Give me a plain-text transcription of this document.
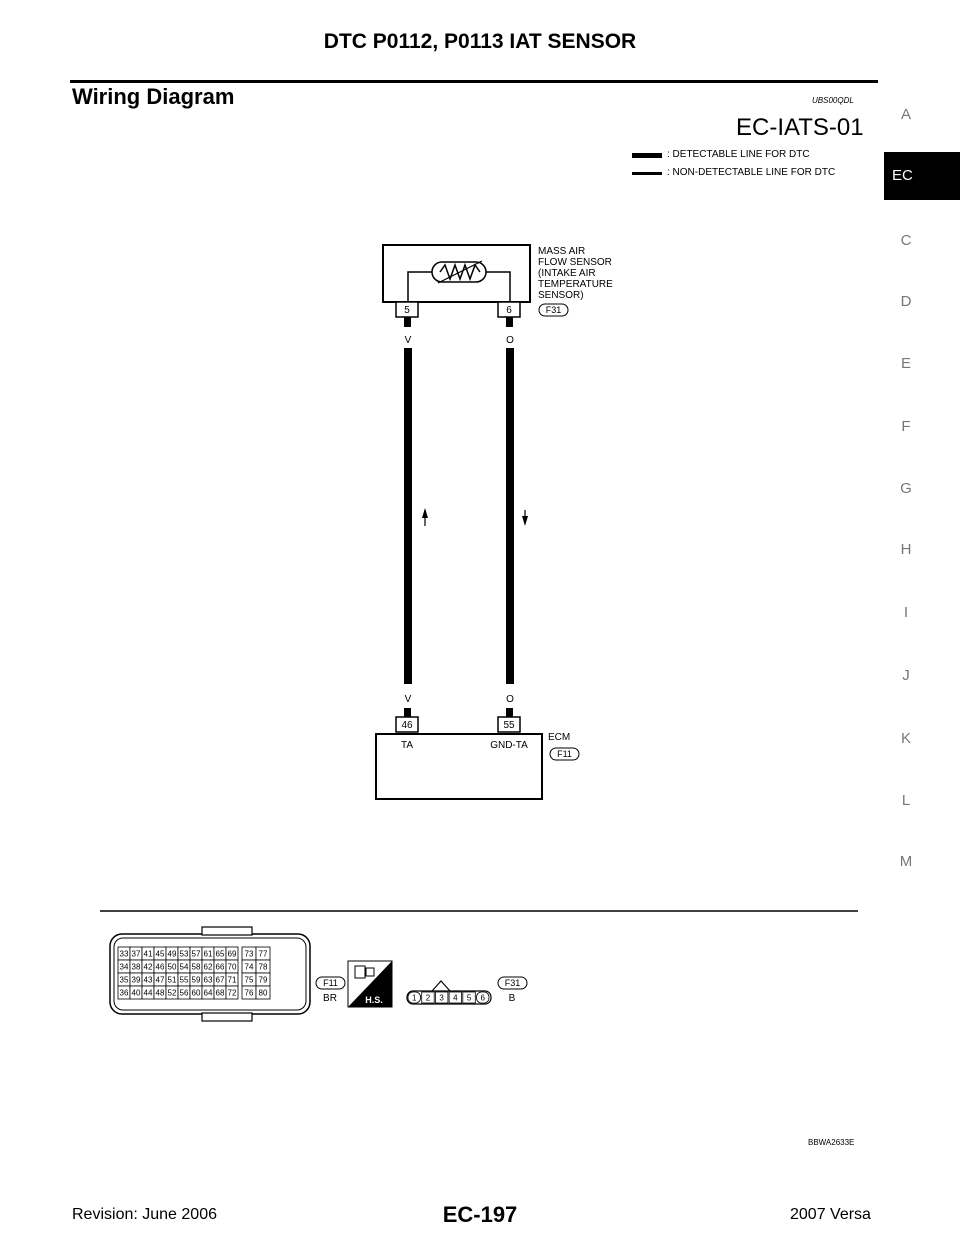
DTC P0112, P0113 IAT SENSOR
Wiring Diagram	UBS00QDL
EC-IATS-01
: DETECTABLE LINE FOR DTC
: NON-DETECTABLE LINE FOR DTC
A
EC
C
D
E
F
G
H
I
J
K
L
M
5	6
MASS AIR
FLOW SENSOR
(INTAKE AIR
TEMPERATURE
SENSOR)
F31
V	O
V	O
46	55
TA	GND-TA
ECM
F11
33 37 41 45 49 53 57 61 65 69 73 77
34 38 42 46 50 54 58 62 66 70 74 78
35 39 43 47 51 55 59 63 67 71 75 79
36 40 44 48 52 56 60 64 68 72 76 80
F11
BR	H.S.	1 2 3 4 5 6
F31
B
BBWA2633E
Revision: June 2006	EC-197	2007 Versa
